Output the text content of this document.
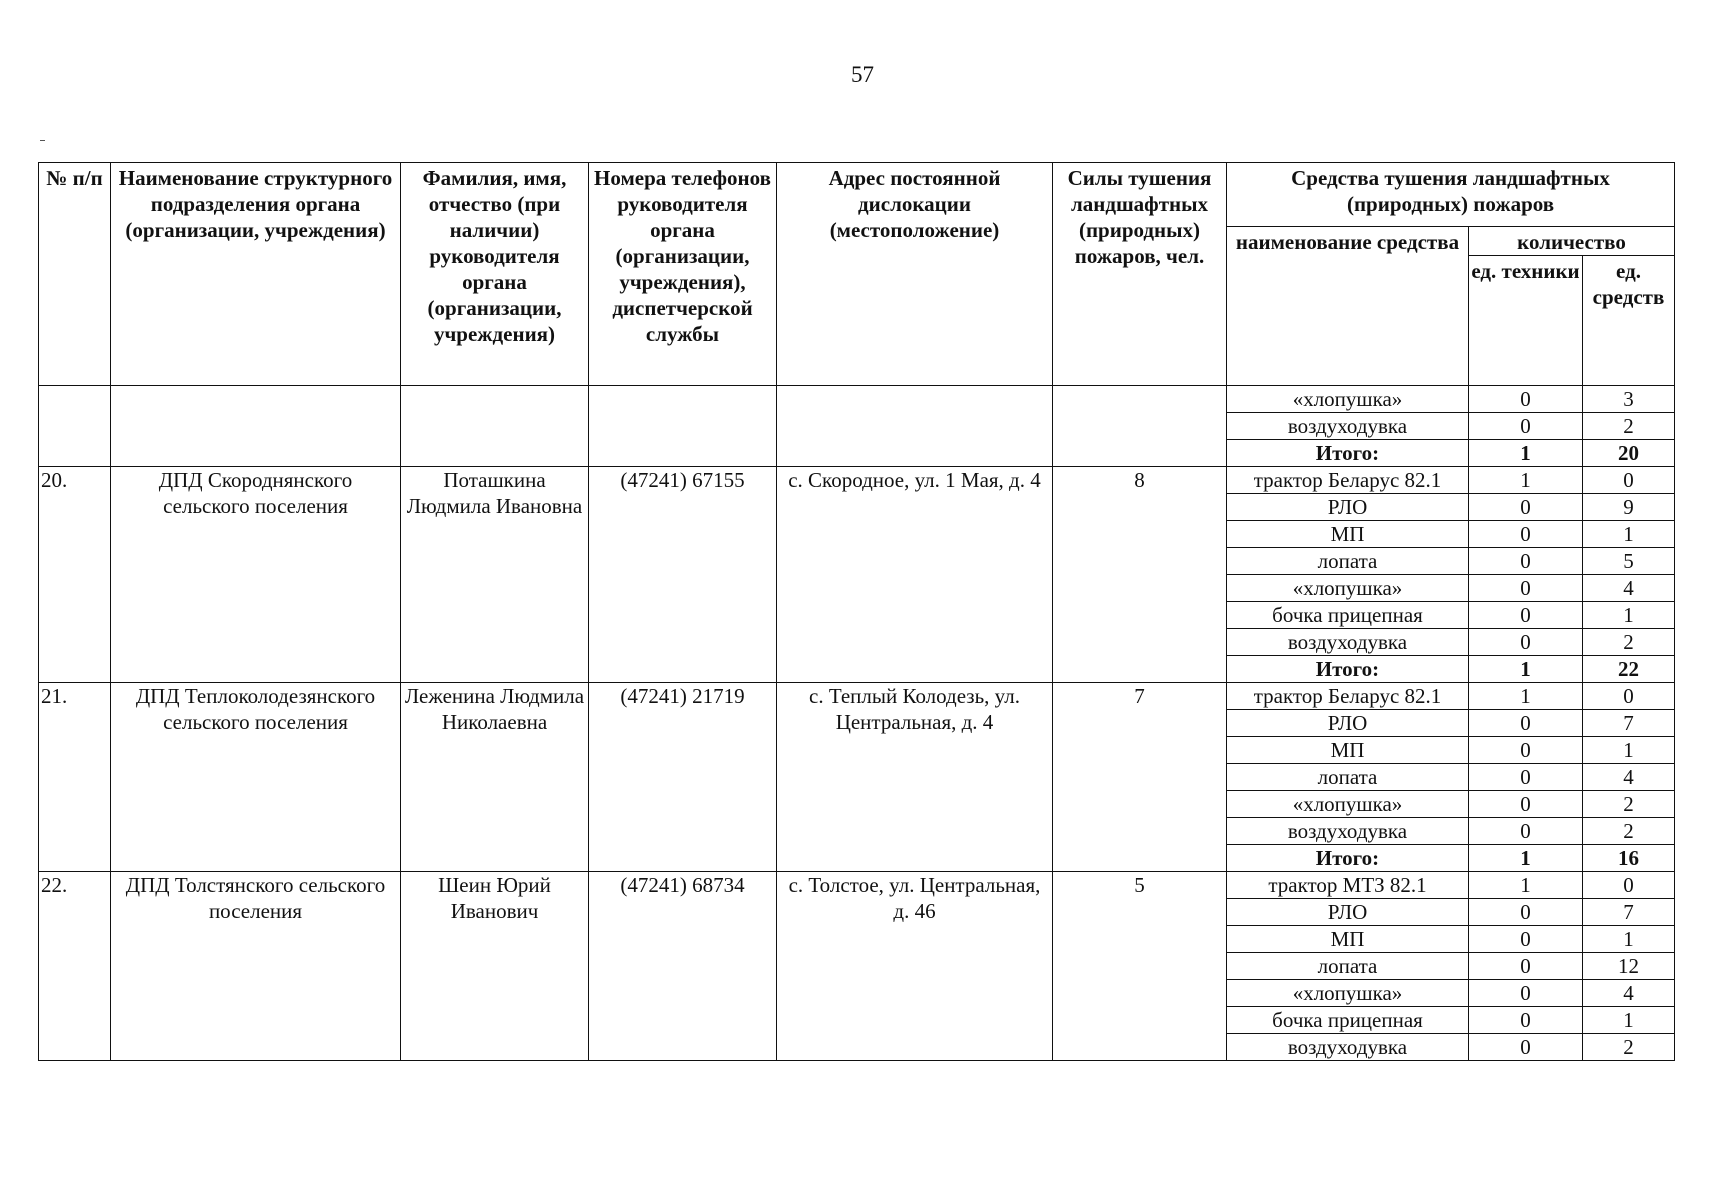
57
№ п/п	Наименование структурного подразделения органа (организации, учреждения)	Фамилия, имя, отчество (при наличии) руководителя органа (организации, учреждения)	Номера телефонов руководителя органа (организации, учреждения), диспетчерской службы	Адрес постоянной дислокации (местоположение)	Силы тушения ландшафтных (природных) пожаров, чел.	Средства тушения ландшафтных (природных) пожаров		
						наименование средства	количество	
							ед. техники	ед. средств
						«хлопушка»	0	3
						воздуходувка	0	2
						Итого:	1	20
20.	ДПД Скороднянского сельского поселения	Поташкина Людмила Ивановна	(47241) 67155	с. Скородное, ул. 1 Мая, д. 4	8	трактор Беларус 82.1	1	0
						РЛО	0	9
						МП	0	1
						лопата	0	5
						«хлопушка»	0	4
						бочка прицепная	0	1
						воздуходувка	0	2
						Итого:	1	22
21.	ДПД Теплоколодезянского сельского поселения	Леженина Людмила Николаевна	(47241) 21719	с. Теплый Колодезь, ул. Центральная, д. 4	7	трактор Беларус 82.1	1	0
						РЛО	0	7
						МП	0	1
						лопата	0	4
						«хлопушка»	0	2
						воздуходувка	0	2
						Итого:	1	16
22.	ДПД Толстянского сельского поселения	Шеин Юрий Иванович	(47241) 68734	с. Толстое, ул. Центральная, д. 46	5	трактор МТЗ 82.1	1	0
						РЛО	0	7
						МП	0	1
						лопата	0	12
						«хлопушка»	0	4
						бочка прицепная	0	1
						воздуходувка	0	2
